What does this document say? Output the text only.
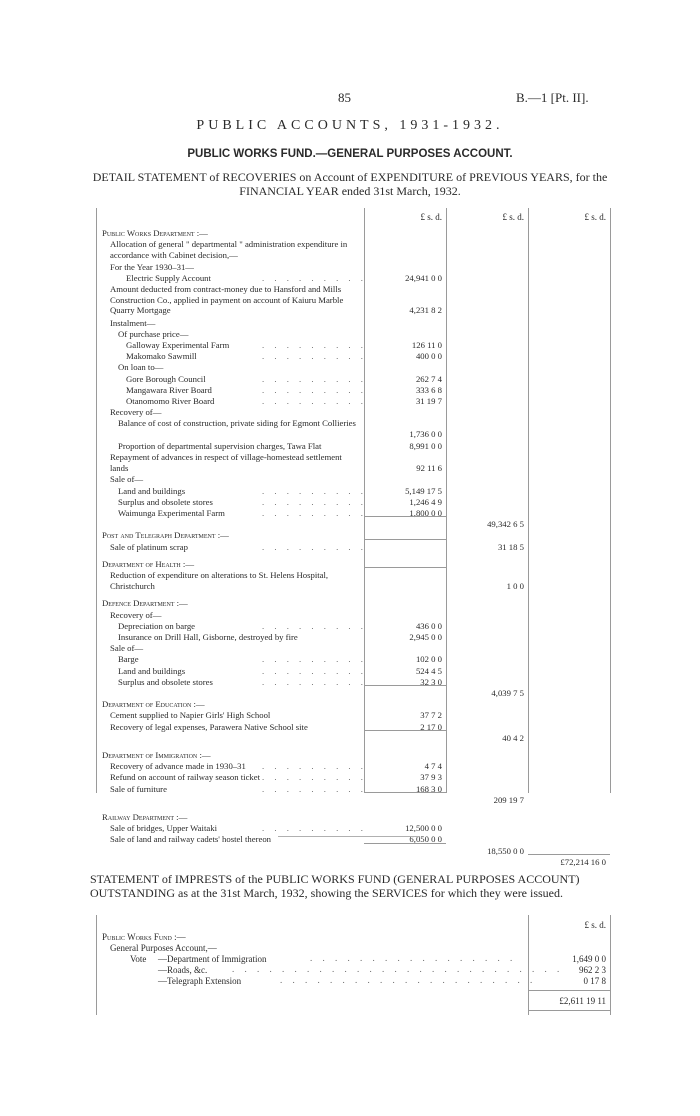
85	B.—1 [Pt. II].
PUBLIC ACCOUNTS, 1931-1932.
PUBLIC WORKS FUND.—GENERAL PURPOSES ACCOUNT.
DETAIL STATEMENT of RECOVERIES on Account of EXPENDITURE of PREVIOUS YEARS, for the FINANCIAL YEAR ended 31st March, 1932.
£ s. d.	£ s. d.	£ s. d.
Public Works Department :—
Allocation of general " departmental " administration expenditure in accordance with Cabinet decision,—
For the Year 1930–31—
Electric Supply Account	. . . . . . . . .	24,941 0 0
Amount deducted from contract-money due to Hansford and Mills Construction Co., applied in payment on account of Kaiuru Marble Quarry Mortgage	4,231 8 2
Instalment—
Of purchase price—
Galloway Experimental Farm	. . . . . . . . .	126 11 0
Makomako Sawmill	. . . . . . . . .	400 0 0
On loan to—
Gore Borough Council	. . . . . . . . .	262 7 4
Mangawara River Board	. . . . . . . . .	333 6 8
Otanomomo River Board	. . . . . . . . .	31 19 7
Recovery of—
Balance of cost of construction, private siding for Egmont Collieries
1,736 0 0
Proportion of departmental supervision charges, Tawa Flat	8,991 0 0
Repayment of advances in respect of village-homestead settlement lands	92 11 6
Sale of—
Land and buildings	. . . . . . . . .	5,149 17 5
Surplus and obsolete stores	. . . . . . . . .	1,246 4 9
Waimunga Experimental Farm	. . . . . . . . .	1,800 0 0
49,342 6 5
Post and Telegraph Department :—
Sale of platinum scrap	. . . . . . . . .	31 18 5
Department of Health :—
Reduction of expenditure on alterations to St. Helens Hospital, Christchurch	1 0 0
Defence Department :—
Recovery of—
Depreciation on barge	. . . . . . . . .	436 0 0
Insurance on Drill Hall, Gisborne, destroyed by fire	2,945 0 0
Sale of—
Barge	. . . . . . . . .	102 0 0
Land and buildings	. . . . . . . . .	524 4 5
Surplus and obsolete stores	. . . . . . . . .	32 3 0
4,039 7 5
Department of Education :—
Cement supplied to Napier Girls' High School	37 7 2
Recovery of legal expenses, Parawera Native School site	2 17 0
40 4 2
Department of Immigration :—
Recovery of advance made in 1930–31 . . . . . . . . .	4 7 4
Refund on account of railway season ticket . . . . . . . . .	37 9 3
Sale of furniture	. . . . . . . . .	168 3 0
209 19 7
Railway Department :—
Sale of bridges, Upper Waitaki	. . . . . . . . .	12,500 0 0
Sale of land and railway cadets' hostel thereon	6,050 0 0
18,550 0 0
£72,214 16 0
STATEMENT of IMPRESTS of the PUBLIC WORKS FUND (GENERAL PURPOSES ACCOUNT) OUTSTANDING as at the 31st March, 1932, showing the SERVICES for which they were issued.
£ s. d.
Public Works Fund :—
General Purposes Account,—
Vote —Department of Immigration	. . . . . . . . . . . . . . . . .	1,649 0 0
—Roads, &c.	. . . . . . . . . . . . . . . . . . . . . . . . . . .	962 2 3
—Telegraph Extension	. . . . . . . . . . . . . . . . . . . . .	0 17 8
£2,611 19 11
